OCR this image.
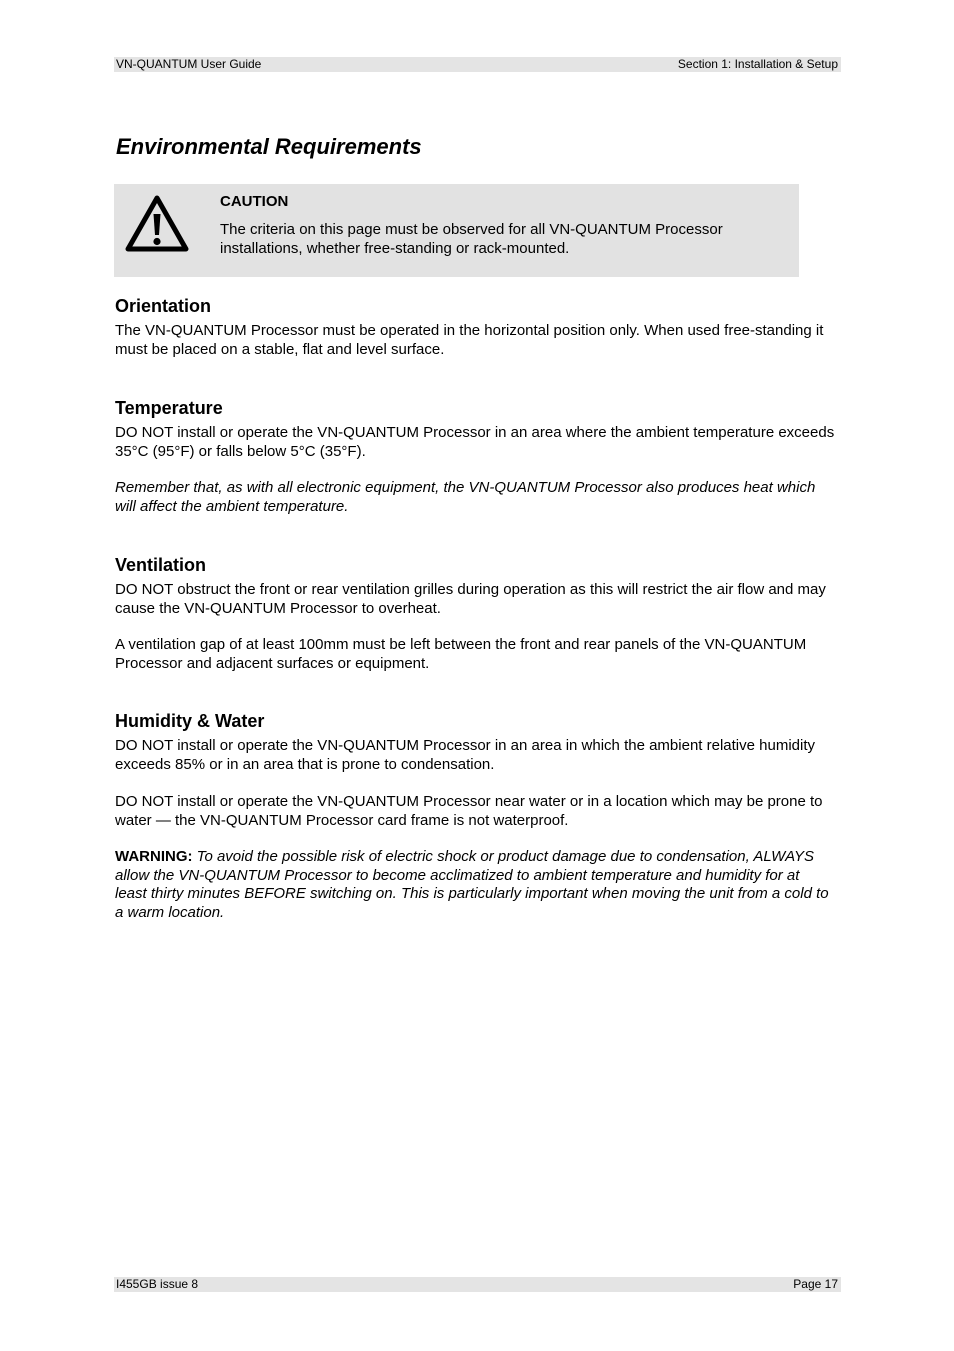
VN-QUANTUM User Guide	Section 1: Installation & Setup
Environmental Requirements
CAUTION
The criteria on this page must be observed for all VN-QUANTUM Processor installations, whether free-standing or rack-mounted.
Orientation

The VN-QUANTUM Processor must be operated in the horizontal position only. When used free-standing it must be placed on a stable, flat and level surface.

Temperature

DO NOT install or operate the VN-QUANTUM Processor in an area where the ambient temperature exceeds 35°C (95°F) or falls below 5°C (35°F).

Remember that, as with all electronic equipment, the VN-QUANTUM Processor also produces heat which will affect the ambient temperature.

Ventilation

DO NOT obstruct the front or rear ventilation grilles during operation as this will restrict the air flow and may cause the VN-QUANTUM Processor to overheat.

A ventilation gap of at least 100mm must be left between the front and rear panels of the VN-QUANTUM Processor and adjacent surfaces or equipment.

Humidity & Water

DO NOT install or operate the VN-QUANTUM Processor in an area in which the ambient relative humidity exceeds 85% or in an area that is prone to condensation.

DO NOT install or operate the VN-QUANTUM Processor near water or in a location which may be prone to water — the VN-QUANTUM Processor card frame is not waterproof.

WARNING: To avoid the possible risk of electric shock or product damage due to condensation, ALWAYS allow the VN-QUANTUM Processor to become acclimatized to ambient temperature and humidity for at least thirty minutes BEFORE switching on. This is particularly important when moving the unit from a cold to a warm location.

I455GB issue 8	Page 17
